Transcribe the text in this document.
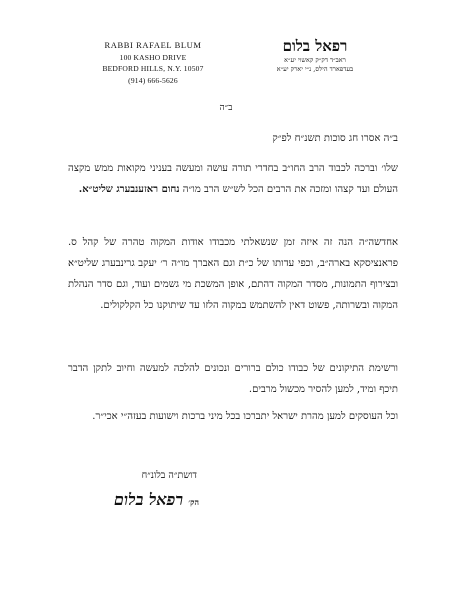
RABBI RAFAEL BLUM
100 KASHO DRIVE
BEDFORD HILLS, N.Y. 10507
(914) 666-5626
רפאל בלום
ראב״ד דק״ק קאשוי יע״א
בעדפארד הילס, נ״י יארק יע״א
ב״ה
ב״ה אסרו חג סוכות תשנ״ח לפ״ק
שלו׳ וברכה לכבוד הרב החו״ב בחדרי תורה עושה ומעשה בעניני מקואות ממש מקצה העולם ועד קצהו ומזכה את הרבים הכל לש״ש הרב מו״ה נחום ראזענבערג שליט״א.
אחדשה״ה הנה זה איזה זמן שנשאלתי מכבודו אודות המקוה טהרה של קהל ס. פראנציסקא בארה״ב, וכפי עדותו של כ״ת וגם האברך מו״ה ר׳ יעקב גרינבערג שליט״א ובצירוף התמונות, מסדר המקוה דהתם, אופן המשכת מי גשמים ועוד, וגם סדר הנהלת המקוה ובשרותה, פשוט דאין להשתמש במקוה הלזו עד שיתוקנו כל הקלקולים.
ורשימת התיקונים של כבודו כולם ברורים ונכונים להלכה למעשה וחיוב לתקן הדבר תיכף ומיד, למען להסיר מכשול מרבים.
וכל העוסקים למען מהרת ישראל יתברכו בכל מיני ברכות וישועות בעזה״י אכי״ר.
דושת״ה בלונ״ח
הק׳ רפאל בלום
